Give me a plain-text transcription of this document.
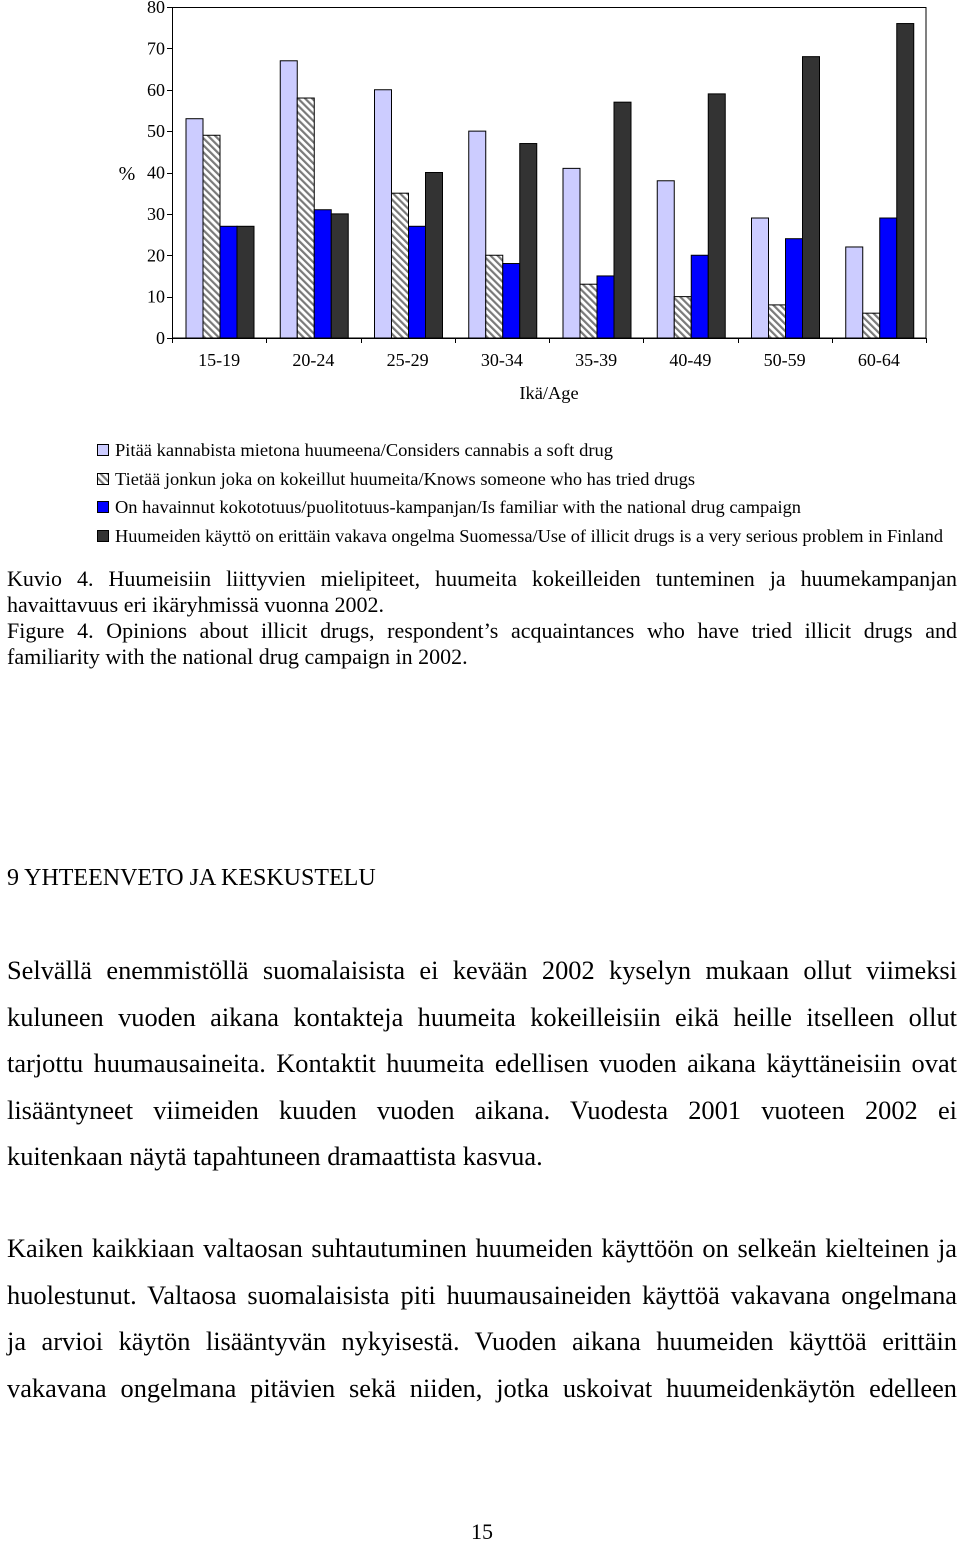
0
10
20
30
40
50
60
70
80
15-19	20-24	25-29	30-34	35-39	40-49	50-59	60-64
%
Ikä/Age
Pitää kannabista mietona huumeena/Considers cannabis a soft drug
Tietää jonkun joka on kokeillut huumeita/Knows someone who has tried drugs
On havainnut kokototuus/puolitotuus-kampanjan/Is familiar with the national drug campaign
Huumeiden käyttö on erittäin vakava ongelma Suomessa/Use of illicit drugs is a very serious problem in Finland
Kuvio 4. Huumeisiin liittyvien mielipiteet, huumeita kokeilleiden tunteminen ja huumekampanjan
havaittavuus eri ikäryhmissä vuonna 2002.
Figure 4. Opinions about illicit drugs, respondent’s acquaintances who have tried illicit drugs and
familiarity with the national drug campaign in 2002.
9 YHTEENVETO JA KESKUSTELU
Selvällä enemmistöllä suomalaisista ei kevään 2002 kyselyn mukaan ollut viimeksi
kuluneen vuoden aikana kontakteja huumeita kokeilleisiin eikä heille itselleen ollut
tarjottu huumausaineita. Kontaktit huumeita edellisen vuoden aikana käyttäneisiin ovat
lisääntyneet viimeiden kuuden vuoden aikana. Vuodesta 2001 vuoteen 2002 ei
kuitenkaan näytä tapahtuneen dramaattista kasvua.
Kaiken kaikkiaan valtaosan suhtautuminen huumeiden käyttöön on selkeän kielteinen ja
huolestunut. Valtaosa suomalaisista piti huumausaineiden käyttöä vakavana ongelmana
ja arvioi käytön lisääntyvän nykyisestä. Vuoden aikana huumeiden käyttöä erittäin
vakavana ongelmana pitävien sekä niiden, jotka uskoivat huumeidenkäytön edelleen
15
